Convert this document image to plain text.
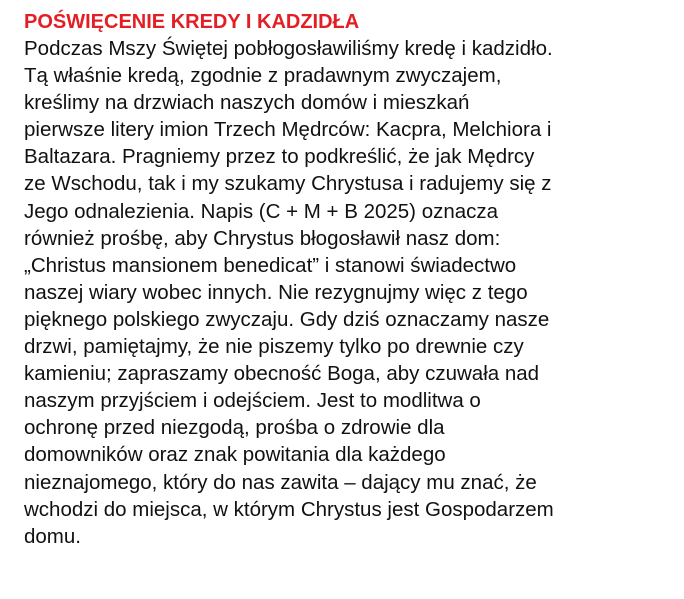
POŚWIĘCENIE KREDY I KADZIDŁA
Podczas Mszy Świętej pobłogosławiliśmy kredę i kadzidło.
Tą właśnie kredą, zgodnie z pradawnym zwyczajem,
kreślimy na drzwiach naszych domów i mieszkań
pierwsze litery imion Trzech Mędrców: Kacpra, Melchiora i
Baltazara. Pragniemy przez to podkreślić, że jak Mędrcy
ze Wschodu, tak i my szukamy Chrystusa i radujemy się z
Jego odnalezienia. Napis (C + M + B 2025) oznacza
również prośbę, aby Chrystus błogosławił nasz dom:
„Christus mansionem benedicat” i stanowi świadectwo
naszej wiary wobec innych. Nie rezygnujmy więc z tego
pięknego polskiego zwyczaju. Gdy dziś oznaczamy nasze
drzwi, pamiętajmy, że nie piszemy tylko po drewnie czy
kamieniu; zapraszamy obecność Boga, aby czuwała nad
naszym przyjściem i odejściem. Jest to modlitwa o
ochronę przed niezgodą, prośba o zdrowie dla
domowników oraz znak powitania dla każdego
nieznajomego, który do nas zawita – dający mu znać, że
wchodzi do miejsca, w którym Chrystus jest Gospodarzem
domu.
